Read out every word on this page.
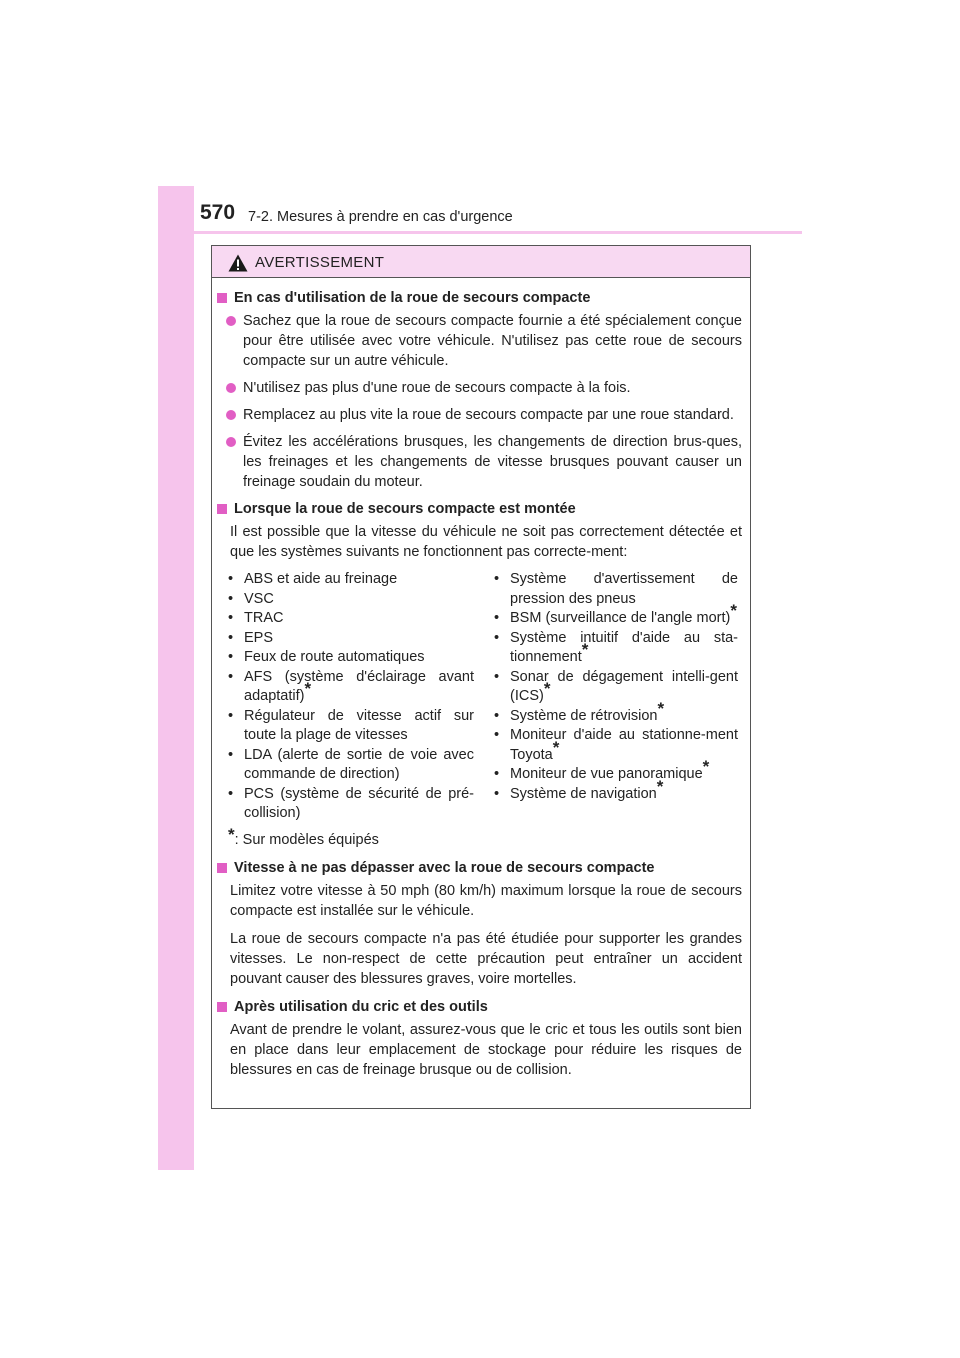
570 7-2. Mesures à prendre en cas d'urgence
AVERTISSEMENT
En cas d'utilisation de la roue de secours compacte
Sachez que la roue de secours compacte fournie a été spécialement conçue pour être utilisée avec votre véhicule. N'utilisez pas cette roue de secours compacte sur un autre véhicule.
N'utilisez pas plus d'une roue de secours compacte à la fois.
Remplacez au plus vite la roue de secours compacte par une roue standard.
Évitez les accélérations brusques, les changements de direction brus-ques, les freinages et les changements de vitesse brusques pouvant causer un freinage soudain du moteur.
Lorsque la roue de secours compacte est montée
Il est possible que la vitesse du véhicule ne soit pas correctement détectée et que les systèmes suivants ne fonctionnent pas correcte-ment:
• ABS et aide au freinage
• VSC
• TRAC
• EPS
• Feux de route automatiques
• AFS (système d'éclairage avant adaptatif)*
• Régulateur de vitesse actif sur toute la plage de vitesses
• LDA (alerte de sortie de voie avec commande de direction)
• PCS (système de sécurité de pré-collision)
• Système d'avertissement de pression des pneus
• BSM (surveillance de l'angle mort)*
• Système intuitif d'aide au sta-tionnement*
• Sonar de dégagement intelli-gent (ICS)*
• Système de rétrovision*
• Moniteur d'aide au stationne-ment Toyota*
• Moniteur de vue panoramique*
• Système de navigation*
*: Sur modèles équipés
Vitesse à ne pas dépasser avec la roue de secours compacte
Limitez votre vitesse à 50 mph (80 km/h) maximum lorsque la roue de secours compacte est installée sur le véhicule.
La roue de secours compacte n'a pas été étudiée pour supporter les grandes vitesses. Le non-respect de cette précaution peut entraîner un accident pouvant causer des blessures graves, voire mortelles.
Après utilisation du cric et des outils
Avant de prendre le volant, assurez-vous que le cric et tous les outils sont bien en place dans leur emplacement de stockage pour réduire les risques de blessures en cas de freinage brusque ou de collision.
